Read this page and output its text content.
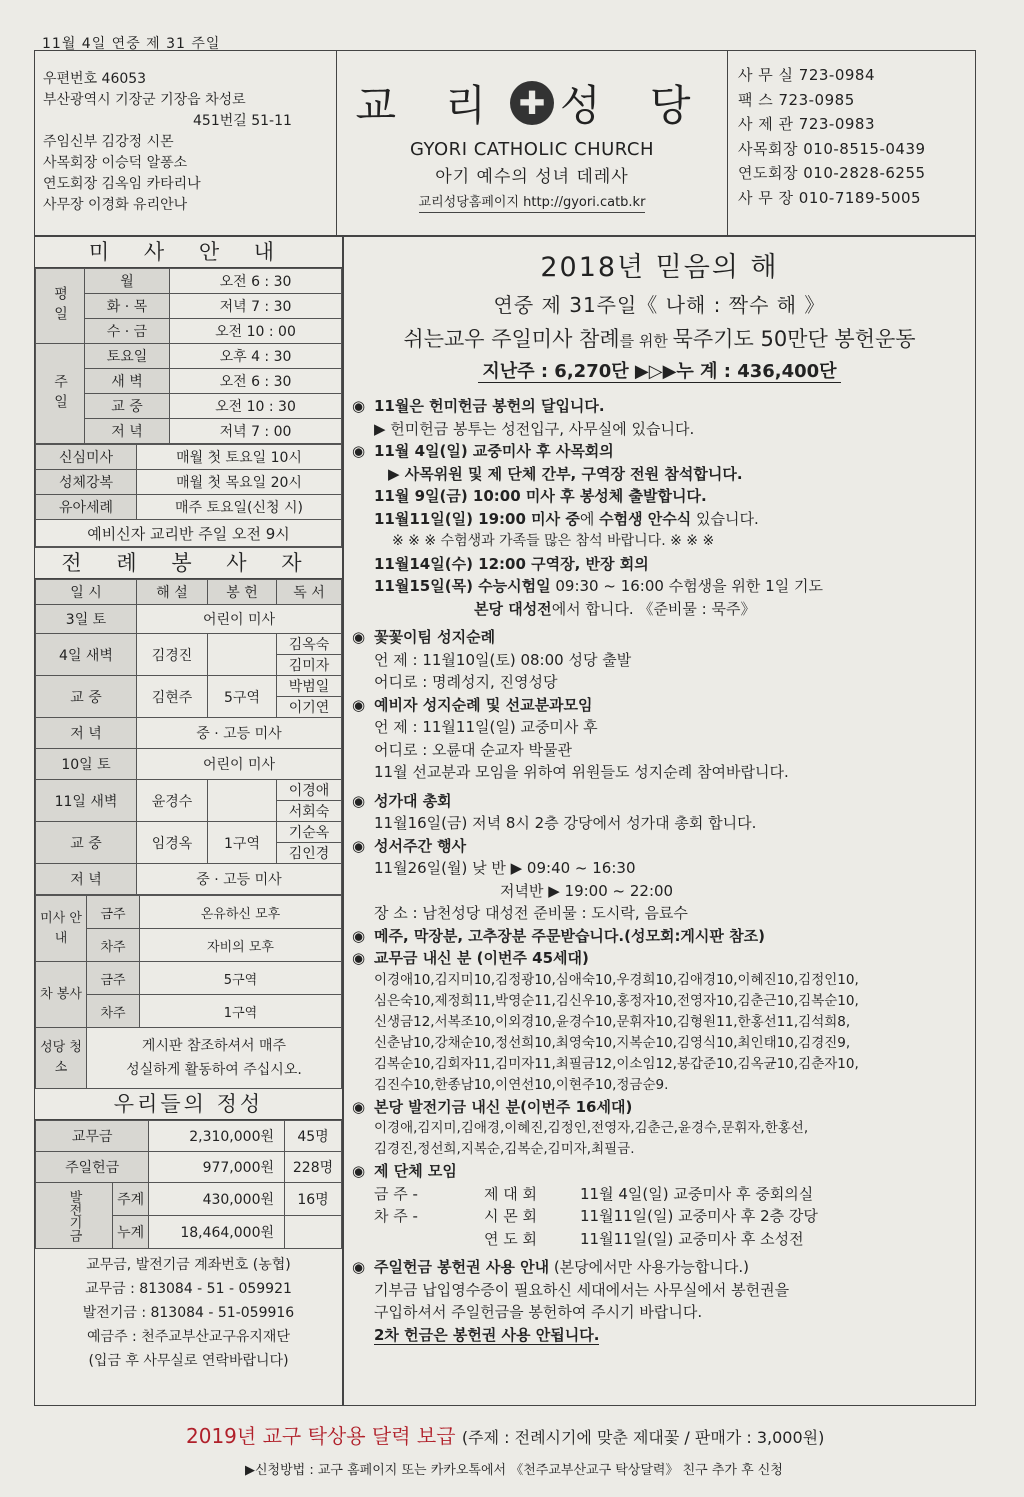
11월 4일 연중 제 31 주일
우편번호 46053
부산광역시 기장군 기장읍 차성로
451번길 51-11
주임신부 김강정 시몬
사목회장 이승덕 알퐁소
연도회장 김옥임 카타리나
사무장 이경화 유리안나
교 리 ✚ 성 당
GYORI CATHOLIC CHURCH
아기 예수의 성녀 데레사
교리성당홈페이지 http://gyori.catb.kr
사 무 실 723-0984
팩 스 723-0985
사 제 관 723-0983
사목회장 010-8515-0439
연도회장 010-2828-6255
사 무 장 010-7189-5005
미 사 안 내
평일	월	오전 6 : 30
	화 · 목	저녁 7 : 30
	수 · 금	오전 10 : 00
주일	토요일	오후 4 : 30
	새 벽	오전 6 : 30
	교 중	오전 10 : 30
	저 녁	저녁 7 : 00
신심미사	매월 첫 토요일 10시
성체강복	매월 첫 목요일 20시
유아세례	매주 토요일(신청 시)
예비신자 교리반 주일 오전 9시	
전 례 봉 사 자
일 시	해 설	봉 헌	독 서
3일 토	어린이 미사		
4일 새벽	김경진		김옥숙
			김미자
교 중	김현주	5구역	박범일
			이기연
저 녁	중 · 고등 미사		
10일 토	어린이 미사		
11일 새벽	윤경수		이경애
			서회숙
교 중	임경옥	1구역	기순옥
			김인경
저 녁	중 · 고등 미사		
미사 안내	금주	온유하신 모후
	차주	자비의 모후
차 봉사	금주	5구역
	차주	1구역
성당 청소	게시판 참조하셔서 매주
성실하게 활동하여 주십시오.	
우리들의 정성
교무금		2,310,000원	45명
주일헌금		977,000원	228명
발전기금	주계	430,000원	16명
	누계	18,464,000원	
교무금, 발전기금 계좌번호 (농협)
교무금 : 813084 - 51 - 059921
발전기금 : 813084 - 51-059916
예금주 : 천주교부산교구유지재단
(입금 후 사무실로 연락바랍니다)
2018년 믿음의 해
연중 제 31주일《 나해 : 짝수 해 》
쉬는교우 주일미사 참례를 위한 묵주기도 50만단 봉헌운동
지난주 : 6,270단 ▶▷▶누 계 : 436,400단
◉ 11월은 헌미헌금 봉헌의 달입니다.
▶ 헌미헌금 봉투는 성전입구, 사무실에 있습니다.
◉ 11월 4일(일) 교중미사 후 사목회의
▶ 사목위원 및 제 단체 간부, 구역장 전원 참석합니다.
11월 9일(금) 10:00 미사 후 봉성체 출발합니다.
11월11일(일) 19:00 미사 중에 수험생 안수식 있습니다.
※ ※ ※ 수험생과 가족들 많은 참석 바랍니다. ※ ※ ※
11월14일(수) 12:00 구역장, 반장 회의
11월15일(목) 수능시험일 09:30 ~ 16:00 수험생을 위한 1일 기도
본당 대성전에서 합니다. 《준비물 : 묵주》
◉ 꽃꽃이팀 성지순례
언 제 : 11월10일(토) 08:00 성당 출발
어디로 : 명례성지, 진영성당
◉ 예비자 성지순례 및 선교분과모임
언 제 : 11월11일(일) 교중미사 후
어디로 : 오륜대 순교자 박물관
11월 선교분과 모임을 위하여 위원들도 성지순례 참여바랍니다.
◉ 성가대 총회
11월16일(금) 저녁 8시 2층 강당에서 성가대 총회 합니다.
◉ 성서주간 행사
11월26일(월) 낮 반 ▶ 09:40 ~ 16:30
저녁반 ▶ 19:00 ~ 22:00
장 소 : 남천성당 대성전 준비물 : 도시락, 음료수
◉ 메주, 막장분, 고추장분 주문받습니다.(성모회:게시판 참조)
◉ 교무금 내신 분 (이번주 45세대)
이경애10,김지미10,김정광10,심애숙10,우경희10,김애경10,이혜진10,김정인10,
심은숙10,제정희11,박영순11,김신우10,홍정자10,전영자10,김춘근10,김복순10,
신생금12,서복조10,이외경10,윤경수10,문휘자10,김형원11,한홍선11,김석희8,
신춘남10,강채순10,정선희10,최영숙10,지복순10,김영식10,최인태10,김경진9,
김복순10,김회자11,김미자11,최필금12,이소임12,봉갑준10,김옥균10,김춘자10,
김진수10,한종남10,이연선10,이현주10,정금순9.
◉ 본당 발전기금 내신 분(이번주 16세대)
이경애,김지미,김애경,이혜진,김정인,전영자,김춘근,윤경수,문휘자,한홍선,
김경진,정선희,지복순,김복순,김미자,최필금.
◉ 제 단체 모임
금 주 -	제 대 회	11월 4일(일) 교중미사 후 중회의실
차 주 -	시 몬 회	11월11일(일) 교중미사 후 2층 강당
연 도 회	11월11일(일) 교중미사 후 소성전
◉ 주일헌금 봉헌권 사용 안내 (본당에서만 사용가능합니다.)
기부금 납입영수증이 필요하신 세대에서는 사무실에서 봉헌권을
구입하셔서 주일헌금을 봉헌하여 주시기 바랍니다.
2차 헌금은 봉헌권 사용 안됩니다.
2019년 교구 탁상용 달력 보급 (주제 : 전례시기에 맞춘 제대꽃 / 판매가 : 3,000원)
▶신청방법 : 교구 홈페이지 또는 카카오톡에서 《천주교부산교구 탁상달력》 친구 추가 후 신청
